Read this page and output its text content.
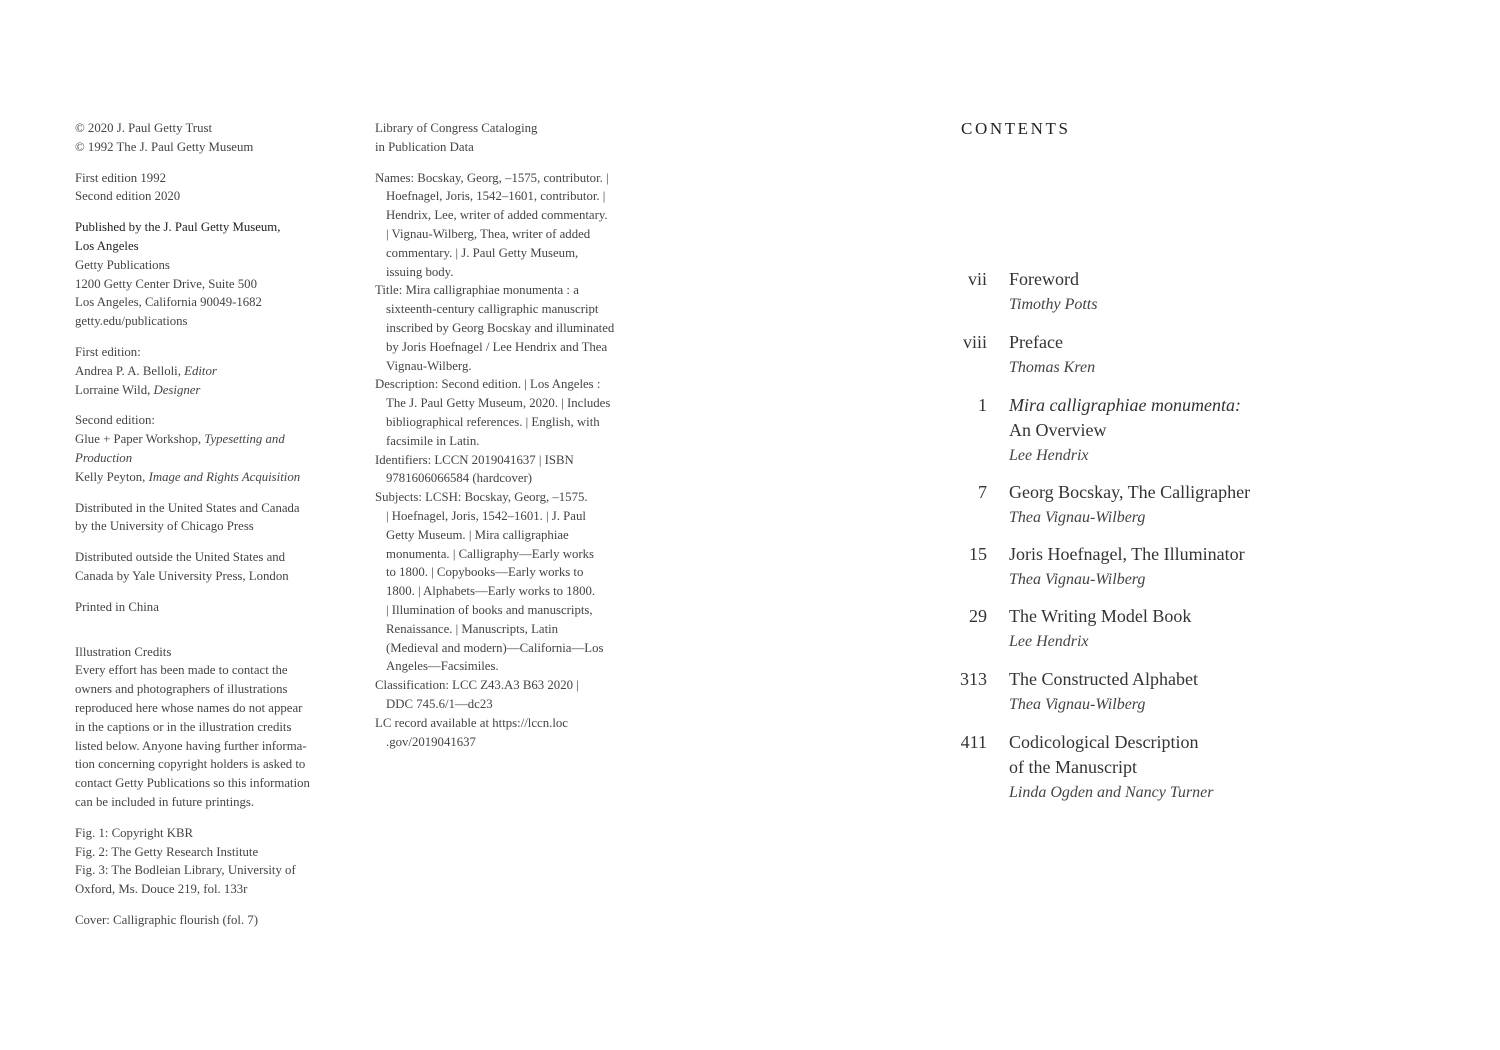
© 2020 J. Paul Getty Trust

© 1992 The J. Paul Getty Museum

First edition 1992

Second edition 2020

Published by the J. Paul Getty Museum,

Los Angeles

Getty Publications

1200 Getty Center Drive, Suite 500

Los Angeles, California 90049-1682

getty.edu/publications

First edition:

Andrea P. A. Belloli, Editor

Lorraine Wild, Designer

Second edition:

Glue + Paper Workshop, Typesetting and

Production

Kelly Peyton, Image and Rights Acquisition

Distributed in the United States and Canada

by the University of Chicago Press

Distributed outside the United States and

Canada by Yale University Press, London

Printed in China

Illustration Credits

Every effort has been made to contact the

owners and photographers of illustrations

reproduced here whose names do not appear

in the captions or in the illustration credits

listed below. Anyone having further informa-

tion concerning copyright holders is asked to

contact Getty Publications so this information

can be included in future printings.

Fig. 1: Copyright KBR

Fig. 2: The Getty Research Institute

Fig. 3: The Bodleian Library, University of

Oxford, Ms. Douce 219, fol. 133r

Cover: Calligraphic flourish (fol. 7)

Library of Congress Cataloging

in Publication Data

Names: Bocskay, Georg, –1575, contributor. |
Hoefnagel, Joris, 1542–1601, contributor. |
Hendrix, Lee, writer of added commentary.
| Vignau-Wilberg, Thea, writer of added
commentary. | J. Paul Getty Museum,
issuing body.
Title: Mira calligraphiae monumenta : a
sixteenth-century calligraphic manuscript
inscribed by Georg Bocskay and illuminated
by Joris Hoefnagel / Lee Hendrix and Thea
Vignau-Wilberg.
Description: Second edition. | Los Angeles :
The J. Paul Getty Museum, 2020. | Includes
bibliographical references. | English, with
facsimile in Latin.
Identifiers: LCCN 2019041637 | ISBN
9781606066584 (hardcover)
Subjects: LCSH: Bocskay, Georg, –1575.
| Hoefnagel, Joris, 1542–1601. | J. Paul
Getty Museum. | Mira calligraphiae
monumenta. | Calligraphy—Early works
to 1800. | Copybooks—Early works to
1800. | Alphabets—Early works to 1800.
| Illumination of books and manuscripts,
Renaissance. | Manuscripts, Latin
(Medieval and modern)—California—Los
Angeles—Facsimiles.
Classification: LCC Z43.A3 B63 2020 |
DDC 745.6/1—dc23
LC record available at https://lccn.loc
.gov/2019041637
CONTENTS
vii Foreword
Timothy Potts
viii Preface
Thomas Kren
1 Mira calligraphiae monumenta:
An Overview
Lee Hendrix
7 Georg Bocskay, The Calligrapher
Thea Vignau-Wilberg
15 Joris Hoefnagel, The Illuminator
Thea Vignau-Wilberg
29 The Writing Model Book
Lee Hendrix
313 The Constructed Alphabet
Thea Vignau-Wilberg
411 Codicological Description
of the Manuscript
Linda Ogden and Nancy Turner
